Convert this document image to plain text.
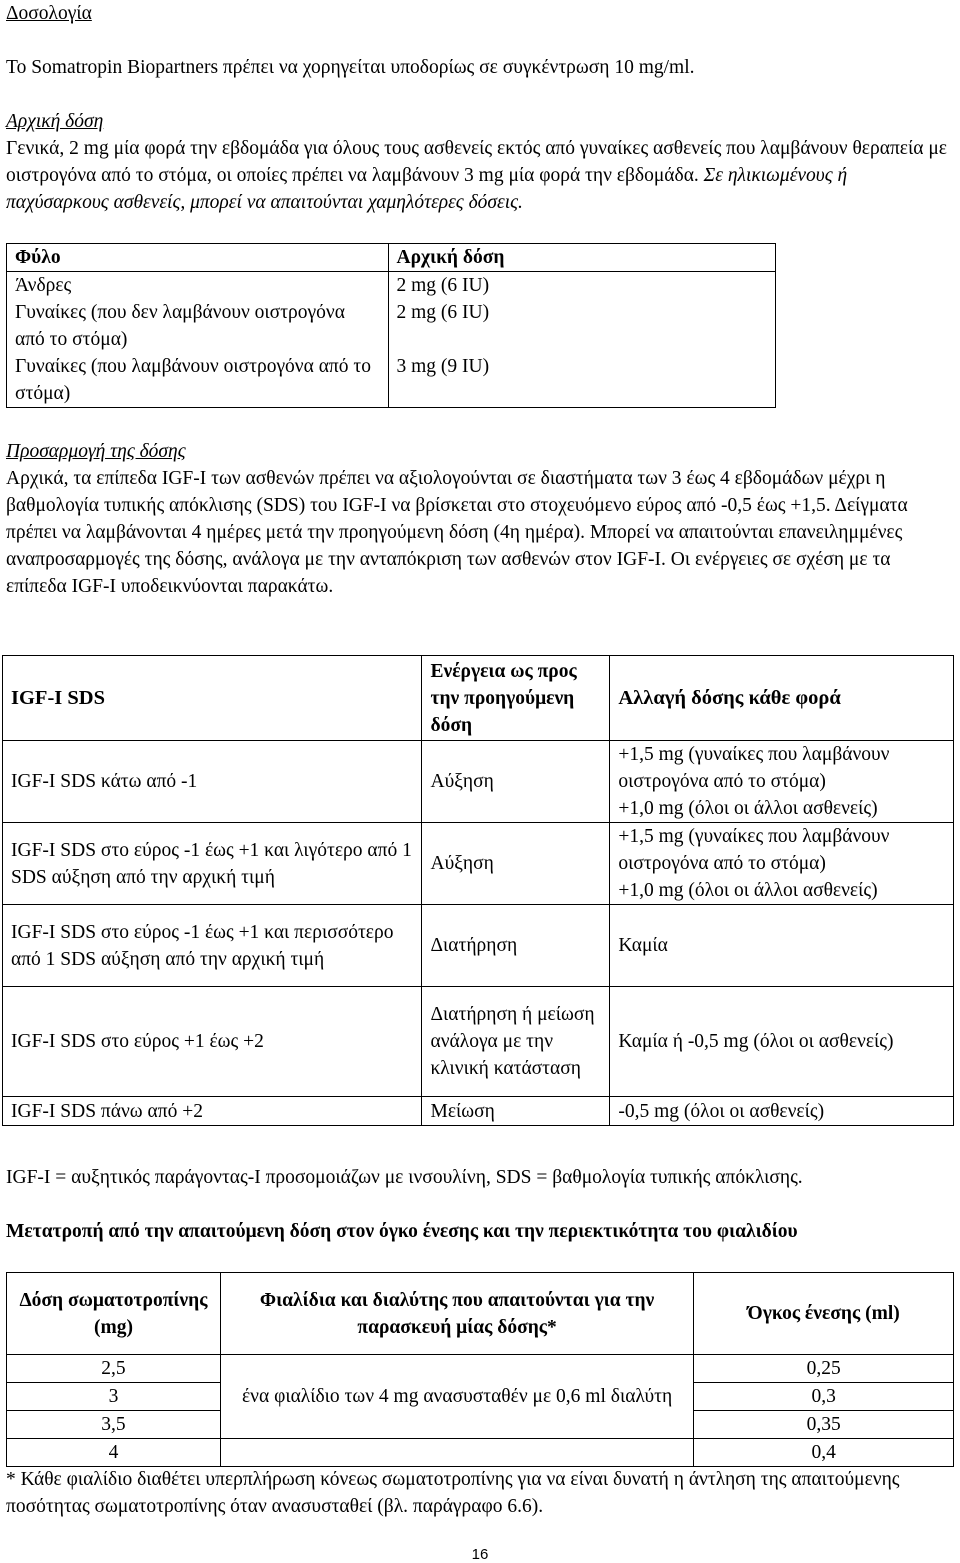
Δοσολογία

Το Somatropin Biopartners πρέπει να χορηγείται υποδορίως σε συγκέντρωση 10 mg/ml.

Αρχική δόση

Γενικά, 2 mg μία φορά την εβδομάδα για όλους τους ασθενείς εκτός από γυναίκες ασθενείς που λαμβάνουν θεραπεία με οιστρογόνα από το στόμα, οι οποίες πρέπει να λαμβάνουν 3 mg μία φορά την εβδομάδα. Σε ηλικιωμένους ή παχύσαρκους ασθενείς, μπορεί να απαιτούνται χαμηλότερες δόσεις.

Φύλο	Αρχική δόση
Άνδρες	2 mg (6 IU)
Γυναίκες (που δεν λαμβάνουν οιστρογόνα από το στόμα)	2 mg (6 IU)
Γυναίκες (που λαμβάνουν οιστρογόνα από το στόμα)	3 mg (9 IU)

Προσαρμογή της δόσης

Αρχικά, τα επίπεδα IGF-I των ασθενών πρέπει να αξιολογούνται σε διαστήματα των 3 έως 4 εβδομάδων μέχρι η βαθμολογία τυπικής απόκλισης (SDS) του IGF-I να βρίσκεται στο στοχευόμενο εύρος από -0,5 έως +1,5. Δείγματα πρέπει να λαμβάνονται 4 ημέρες μετά την προηγούμενη δόση (4η ημέρα). Μπορεί να απαιτούνται επανειλημμένες αναπροσαρμογές της δόσης, ανάλογα με την ανταπόκριση των ασθενών στον IGF-I. Οι ενέργειες σε σχέση με τα επίπεδα IGF-I υποδεικνύονται παρακάτω.

IGF-I SDS	Ενέργεια ως προς την προηγούμενη δόση	Αλλαγή δόσης κάθε φορά
IGF-I SDS κάτω από -1	Αύξηση	+1,5 mg (γυναίκες που λαμβάνουν οιστρογόνα από το στόμα)
+1,0 mg (όλοι οι άλλοι ασθενείς)

IGF-I SDS στο εύρος -1 έως +1 και λιγότερο από 1 SDS αύξηση από την αρχική τιμή	Αύξηση	+1,5 mg (γυναίκες που λαμβάνουν οιστρογόνα από το στόμα)
+1,0 mg (όλοι οι άλλοι ασθενείς)

IGF-I SDS στο εύρος -1 έως +1 και περισσότερο από 1 SDS αύξηση από την αρχική τιμή	Διατήρηση	Καμία
IGF-I SDS στο εύρος +1 έως +2	Διατήρηση ή μείωση ανάλογα με την κλινική κατάσταση	Καμία ή -0,5 mg (όλοι οι ασθενείς)
IGF-I SDS πάνω από +2	Μείωση	-0,5 mg (όλοι οι ασθενείς)

IGF-I = αυξητικός παράγοντας-I προσομοιάζων με ινσουλίνη, SDS = βαθμολογία τυπικής απόκλισης.

Μετατροπή από την απαιτούμενη δόση στον όγκο ένεσης και την περιεκτικότητα του φιαλιδίου

Δόση σωματοτροπίνης (mg)	Φιαλίδια και διαλύτης που απαιτούνται για την παρασκευή μίας δόσης*	Όγκος ένεσης (ml)
2,5	ένα φιαλίδιο των 4 mg ανασυσταθέν με 0,6 ml διαλύτη	0,25
3		0,3
3,5		0,35
4		0,4

* Κάθε φιαλίδιο διαθέτει υπερπλήρωση κόνεως σωματοτροπίνης για να είναι δυνατή η άντληση της απαιτούμενης ποσότητας σωματοτροπίνης όταν ανασυσταθεί (βλ. παράγραφο 6.6).

16
